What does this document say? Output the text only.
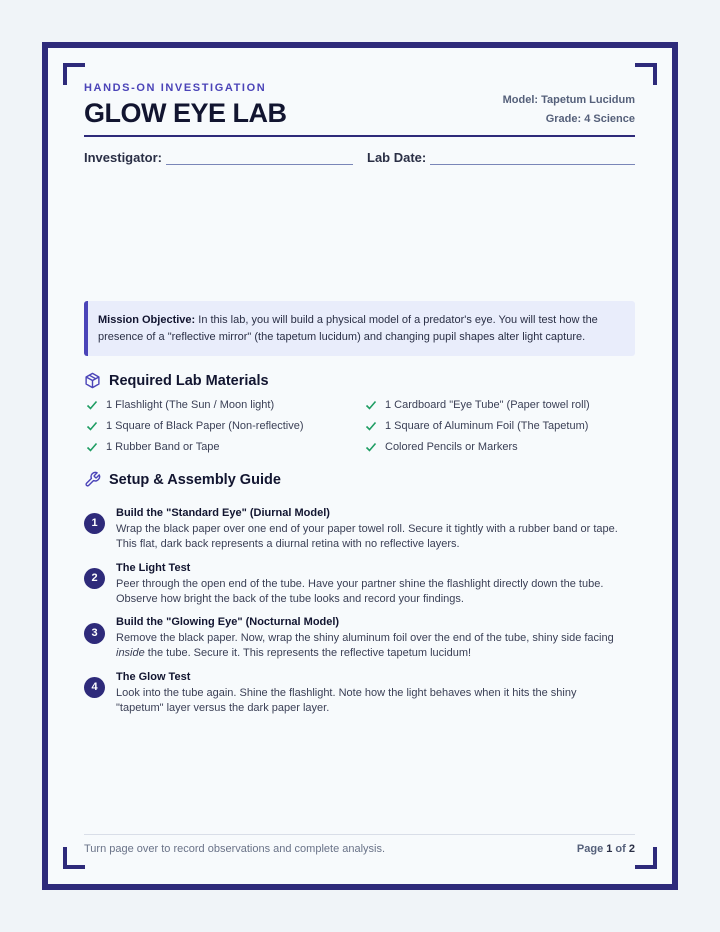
HANDS-ON INVESTIGATION
GLOW EYE LAB	Model: Tapetum Lucidum
Grade: 4 Science
Investigator:	Lab Date:
Mission Objective: In this lab, you will build a physical model of a predator's eye. You will test how the
presence of a "reflective mirror" (the tapetum lucidum) and changing pupil shapes alter light capture.
Required Lab Materials
1 Flashlight (The Sun / Moon light)
1 Square of Black Paper (Non-reflective)
1 Rubber Band or Tape
1 Cardboard "Eye Tube" (Paper towel roll)
1 Square of Aluminum Foil (The Tapetum)
Colored Pencils or Markers
Setup & Assembly Guide
1
Build the "Standard Eye" (Diurnal Model)
Wrap the black paper over one end of your paper towel roll. Secure it tightly with a rubber band or tape.
This flat, dark back represents a diurnal retina with no reflective layers.
2
The Light Test
Peer through the open end of the tube. Have your partner shine the flashlight directly down the tube.
Observe how bright the back of the tube looks and record your findings.
3
Build the "Glowing Eye" (Nocturnal Model)
Remove the black paper. Now, wrap the shiny aluminum foil over the end of the tube, shiny side facing
inside the tube. Secure it. This represents the reflective tapetum lucidum!
4
The Glow Test
Look into the tube again. Shine the flashlight. Note how the light behaves when it hits the shiny
"tapetum" layer versus the dark paper layer.
Turn page over to record observations and complete analysis.	Page 1 of 2
